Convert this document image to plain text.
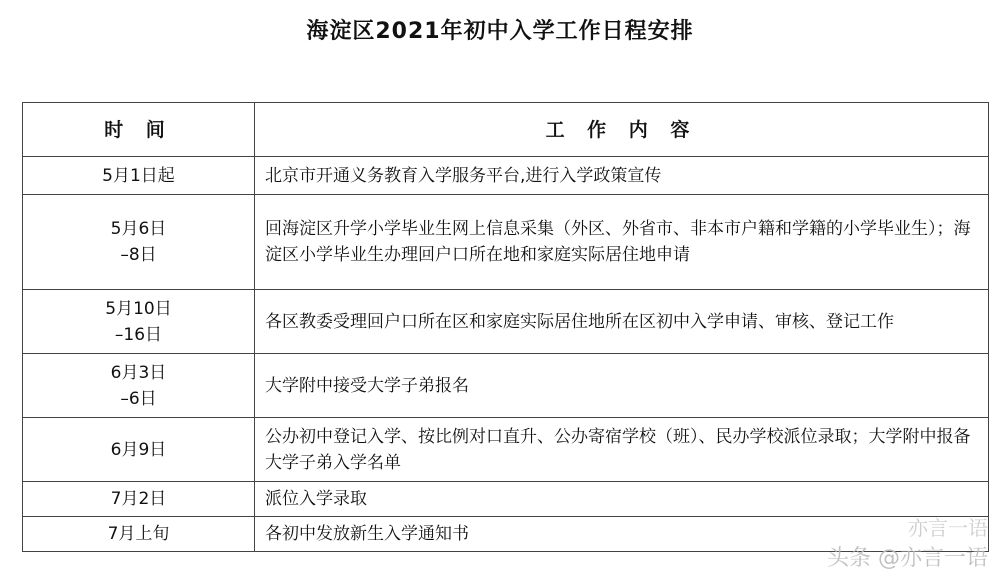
海淀区2021年初中入学工作日程安排
时 间	工 作 内 容

5月1日起	北京市开通义务教育入学服务平台,进行入学政策宣传

5月6日
–8日	回海淀区升学小学毕业生网上信息采集（外区、外省市、非本市户籍和学籍的小学毕业生）；海淀区小学毕业生办理回户口所在地和家庭实际居住地申请

5月10日
–16日	各区教委受理回户口所在区和家庭实际居住地所在区初中入学申请、审核、登记工作

6月3日
–6日	大学附中接受大学子弟报名

6月9日	公办初中登记入学、按比例对口直升、公办寄宿学校（班）、民办学校派位录取；大学附中报备大学子弟入学名单

7月2日	派位入学录取

7月上旬	各初中发放新生入学通知书	亦言一语
头条 @亦言一语
